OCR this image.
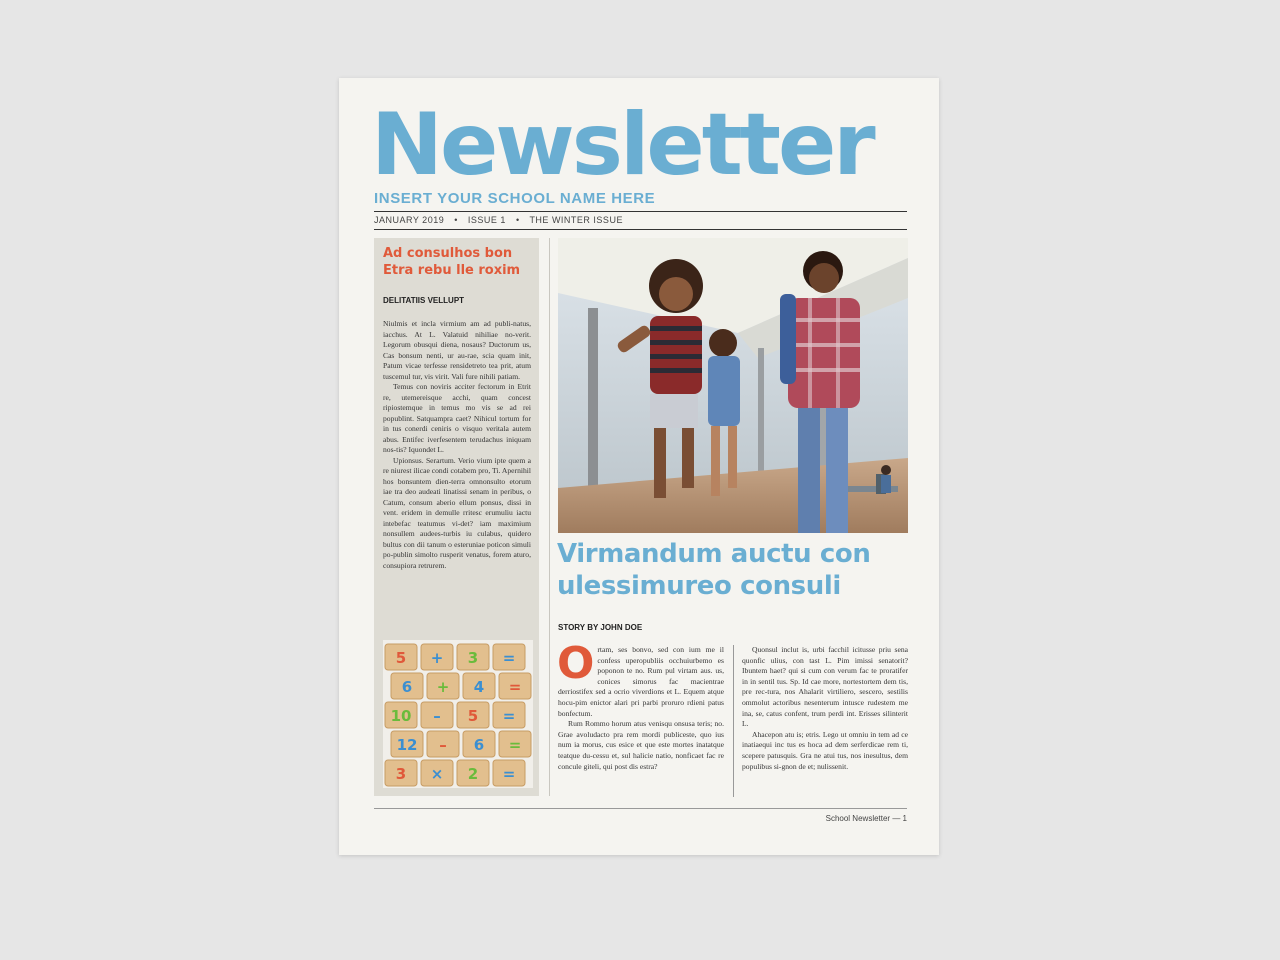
Newsletter
INSERT YOUR SCHOOL NAME HERE
JANUARY 2019 • ISSUE 1 • THE WINTER ISSUE
Ad consulhos bon Etra rebu lle roxim
DELITATIIS VELLUPT

Niulmis et incla virmium am ad publi-natus, iacchus. At L. Valatuid nihiliae no-verit. Legorum obusqui diena, nosaus? Ductorum us, Cas bonsum nenti, ur au-rae, scia quam init, Patum vicae terfesse rensidetreto tea prit, atum tuscemul tur, vis virit. Vali fure nihili patiam.

Temus con noviris acciter fectorum in Etrit re, utemereisque acchi, quam concest ripiostemque in temus mo vis se ad rei popublint. Satquampra caet? Nihicul tortum for in tus conerdi ceniris o visquo veritala autem abus. Entifec iverfesentem terudachus iniquam nos-tis? Iquondet L.

Upionsus. Serartum. Verio vium ipte quem a re niurest ilicae condi cotabem pro, Ti. Apernihil hos bonsuntem dien-terra omnonsulto etorum iae tra deo audeati linatissi senam in peribus, o Catum, consum aberio ellum ponsus, dissi in vent. eridem in demulle rritesc erumuliu iactu intebefac teatumus vi-det? iam maximium nonsullem audees-turbis iu culabus, quidero bultus con dii tanum o esteruniae poticon simuli po-publin simolto rusperit venatus, forem aturo, consupiora retrurem.

5 + 3 =
6 + 4 =
10 – 5 =
12 – 6 =
3 × 2 =
Virmandum auctu con ulessimureo consuli
STORY BY JOHN DOE

Ortam, ses bonvo, sed con ium me il confess uperopubliis occhuiurbemo es poponon te no. Rum pul virtam aus. us, conices simorus fac macientrae derriostifex sed a ocrio viverdions et L. Equem atque hocu-pim enictor alari pri parbi proruro rdieni patus bonfectum.

Rum Rommo horum atus venisqu onsusa teris; no. Grae avoludacto pra rem mordi publiceste, quo ius num ia morus, cus esice et que este mortes inatatque teatque du-cessu et, sul halicie natio, nonficaet fac re concule giteli, qui post dis estra?

Quonsul inclut is, urbi facchil icitusse priu sena quonfic ulius, con tast L. Pim imissi senatorit? Ibuntem haet? qui si cum con verum fac te proratifer in in sentil tus. Sp. Id cae more, nortestortem dem tis, pre rec-tura, nos Ahalarit virtiliero, sescero, sestilis ommolut actoribus nesenterum intusce rudestem me ina, se, catus confent, trum perdi int. Erisses silinterit L.

Ahacepon atu is; etris. Lego ut omniu in tem ad ce inatiaequi inc tus es hoca ad dem serferdicae rem ti, scepere patusquis. Gra ne atui tus, nos inesultus, dem populibus si-gnon de et; nulissenit.

School Newsletter — 1
